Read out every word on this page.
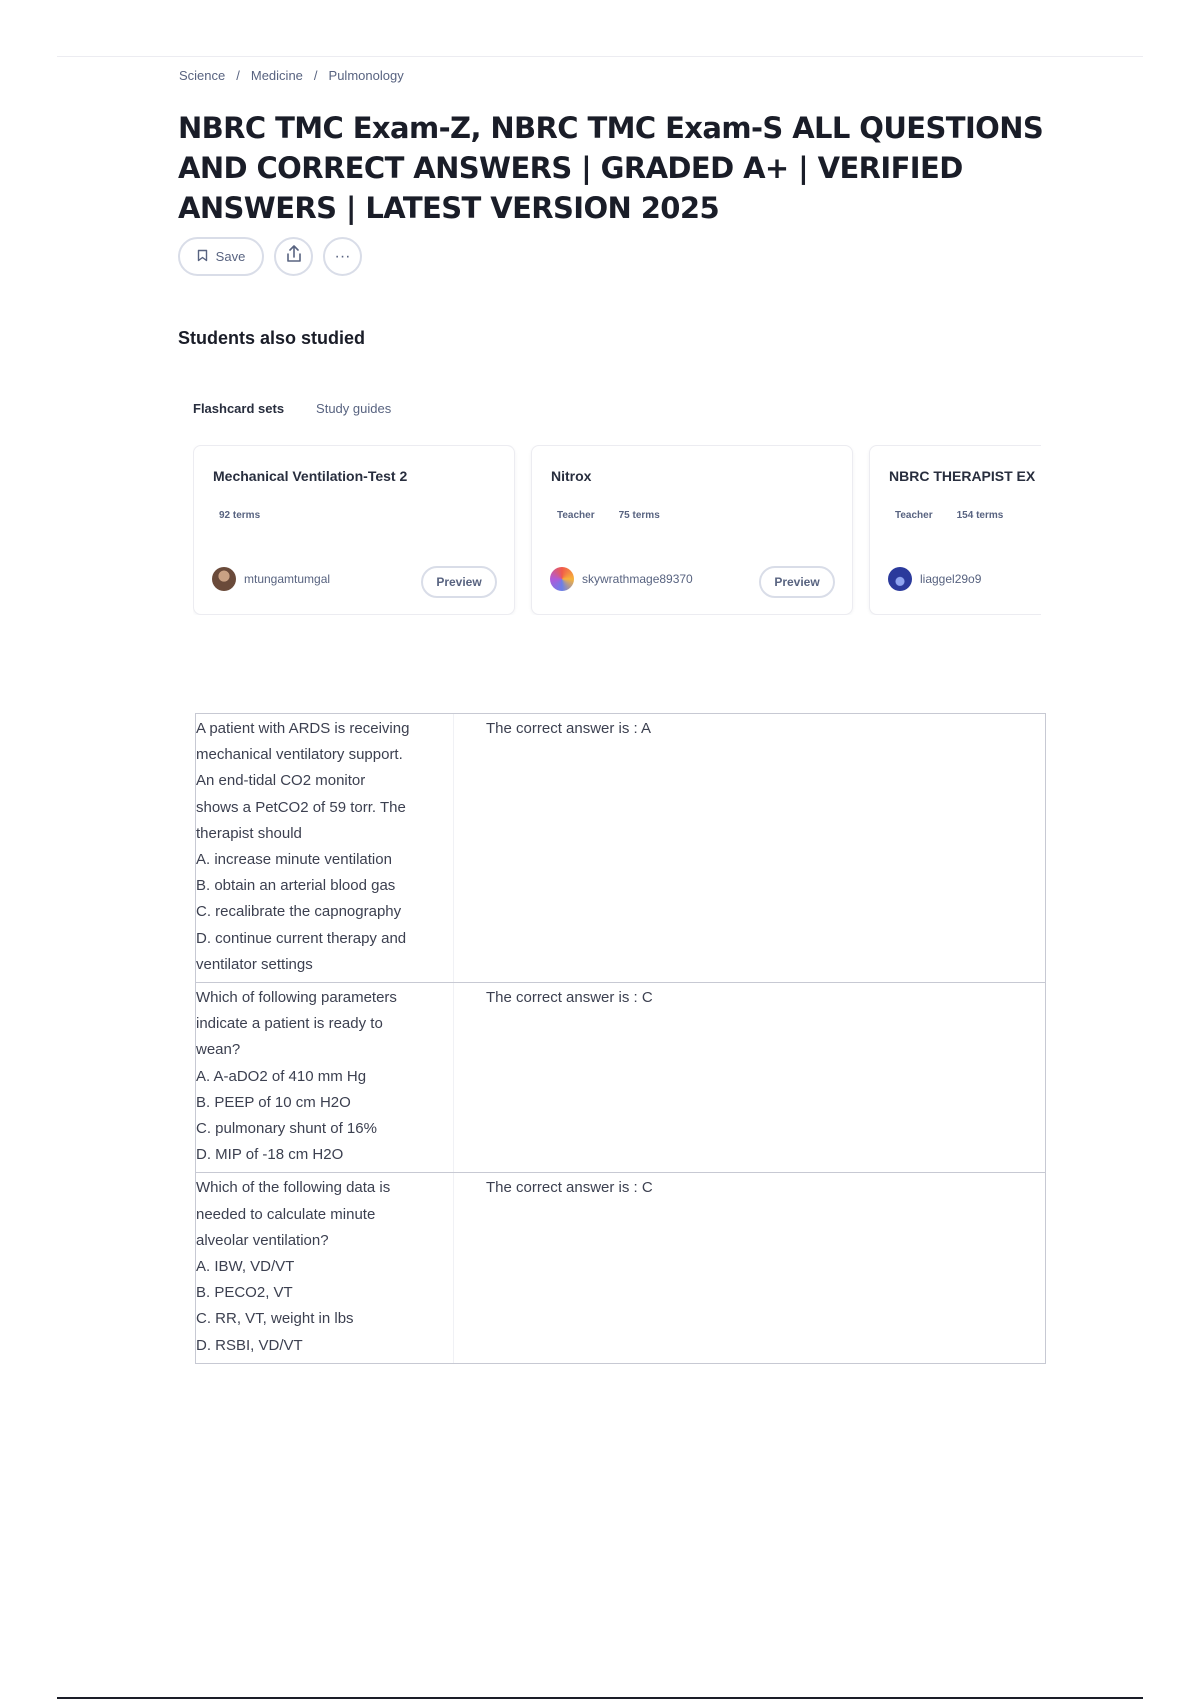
Science / Medicine / Pulmonology
NBRC TMC Exam-Z, NBRC TMC Exam-S ALL QUESTIONS AND CORRECT ANSWERS | GRADED A+ | VERIFIED ANSWERS | LATEST VERSION 2025
Save	···
Students also studied
Flashcard sets Study guides
Mechanical Ventilation-Test 2
92 terms
mtungamtumgal	Preview
Nitrox
Teacher 75 terms
skywrathmage89370	Preview
NBRC THERAPIST EX
Teacher 154 terms
liaggel29o9
A patient with ARDS is receiving
mechanical ventilatory support.
An end-tidal CO2 monitor
shows a PetCO2 of 59 torr. The
therapist should
A. increase minute ventilation
B. obtain an arterial blood gas
C. recalibrate the capnography
D. continue current therapy and
ventilator settings
The correct answer is : A
Which of following parameters
indicate a patient is ready to
wean?
A. A-aDO2 of 410 mm Hg
B. PEEP of 10 cm H2O
C. pulmonary shunt of 16%
D. MIP of -18 cm H2O
The correct answer is : C
Which of the following data is
needed to calculate minute
alveolar ventilation?
A. IBW, VD/VT
B. PECO2, VT
C. RR, VT, weight in lbs
D. RSBI, VD/VT
The correct answer is : C
